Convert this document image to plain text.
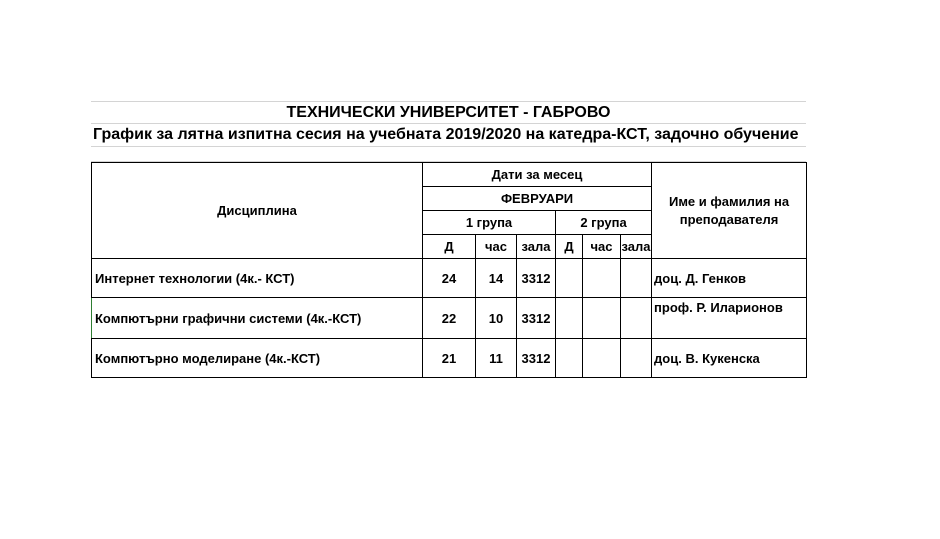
ТЕХНИЧЕСКИ УНИВЕРСИТЕТ - ГАБРОВО
График за лятна изпитна сесия на учебната 2019/2020 на катедра-КСТ, задочно обучение
Дисциплина	Дати за месец						Име и фамилия на преподавателя
	ФЕВРУАРИ						
	1 група			2 група			
	Д	час	зала	Д	час	зала	
Интернет технологии (4к.- КСТ)	24	14	3312				доц. Д. Генков
Компютърни графични системи (4к.-КСТ)	22	10	3312				проф. Р. Иларионов
Компютърно моделиране (4к.-КСТ)	21	11	3312				доц. В. Кукенска
